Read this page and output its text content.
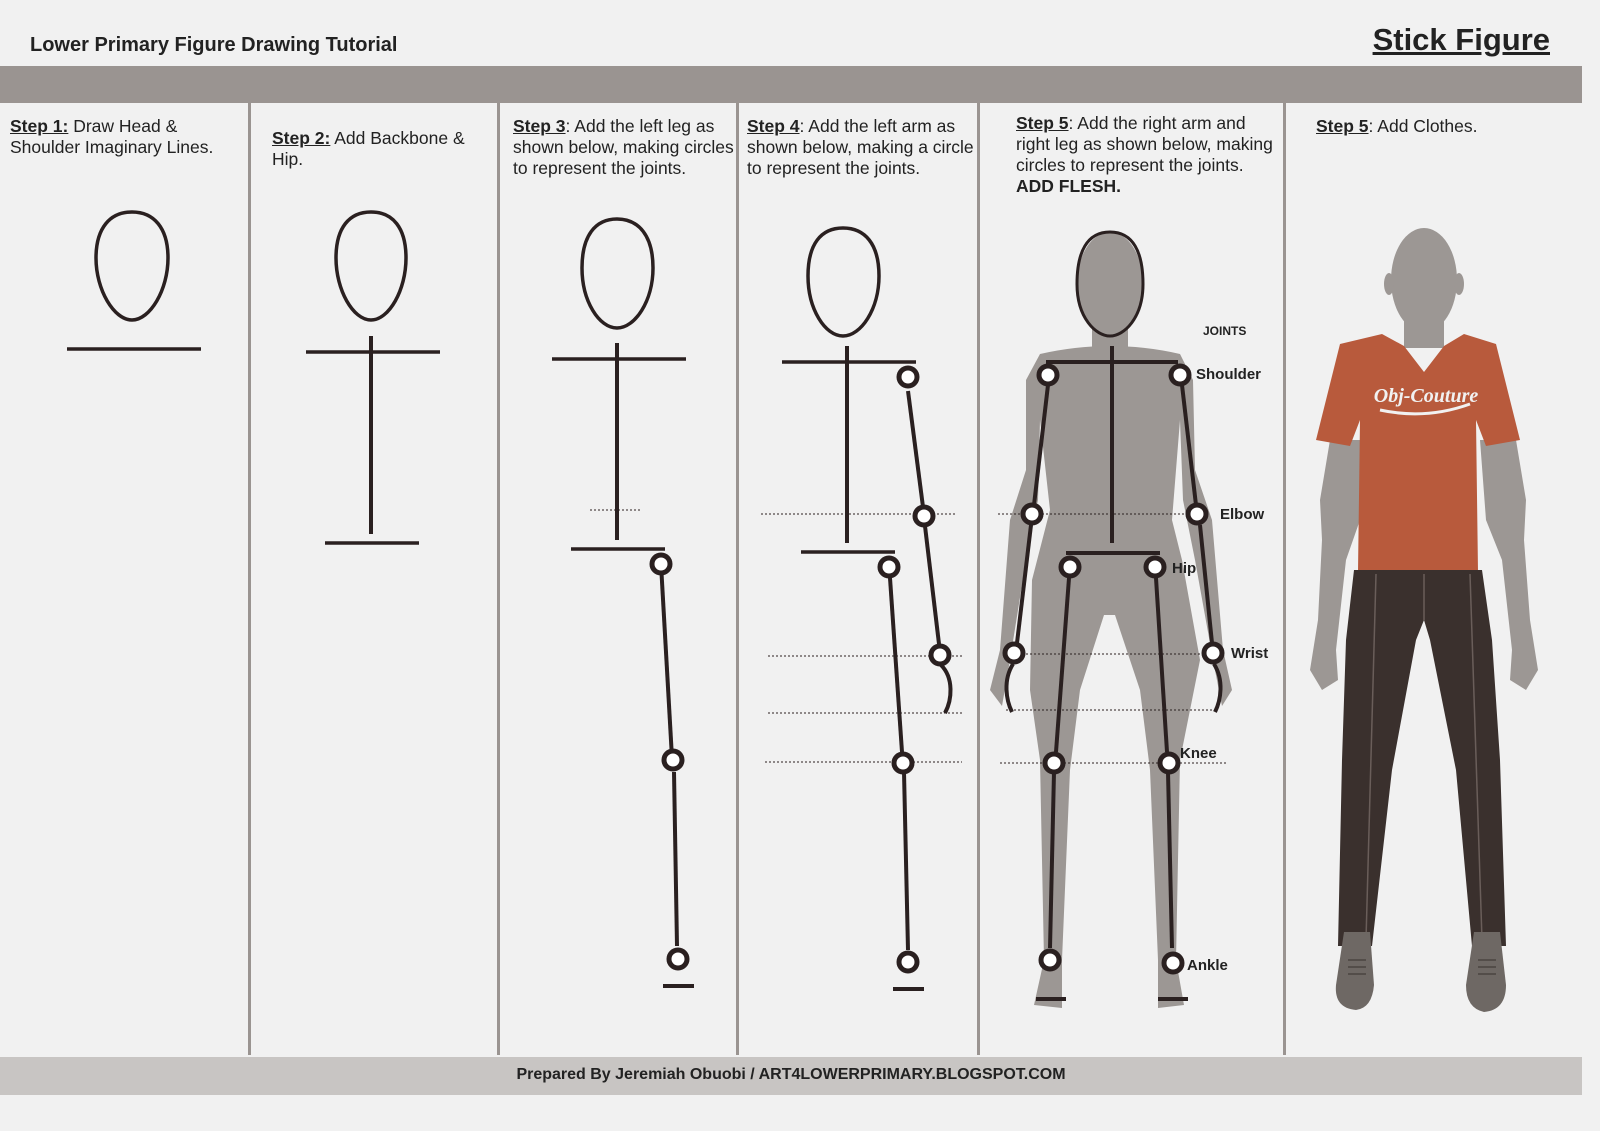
Lower Primary Figure Drawing Tutorial	Stick Figure
Step 1: Draw Head & Shoulder Imaginary Lines.	Step 2: Add Backbone & Hip.
Step 3: Add the left leg as shown below, making circles to represent the joints.
Step 4: Add the left arm as shown below, making a circle to represent the joints.
Step 5: Add the right arm and right leg as shown below, making circles to represent the joints. ADD FLESH.
Step 5: Add Clothes.
JOINTS
Shoulder
Elbow
Hip
Wrist
Knee
Ankle
Obj-Couture
Prepared By Jeremiah Obuobi / ART4LOWERPRIMARY.BLOGSPOT.COM
